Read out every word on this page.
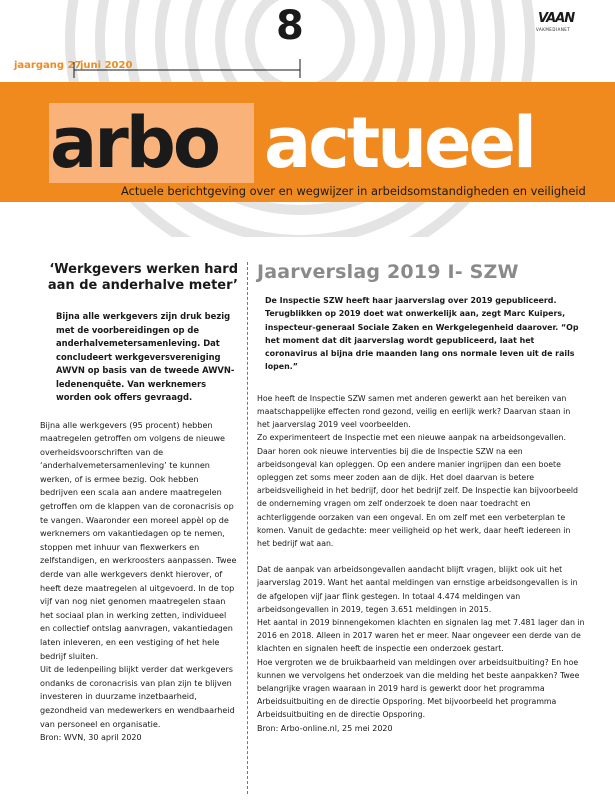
8
jaargang 27
juni 2020
VAAN
VAKMEDIANET
arbo actueel
Actuele berichtgeving over en wegwijzer in arbeidsomstandigheden en veiligheid
‘Werkgevers werken hard aan de anderhalve meter’

Bijna alle werkgevers zijn druk bezig met de voorbereidingen op de anderhalvemetersamenleving. Dat concludeert werkgeversvereniging AWVN op basis van de tweede AWVN-ledenenquête. Van werknemers worden ook offers gevraagd.

Bijna alle werkgevers (95 procent) hebben maatregelen getroffen om volgens de nieuwe overheidsvoorschriften van de ‘anderhalvemetersamenleving’ te kunnen werken, of is ermee bezig. Ook hebben bedrijven een scala aan andere maatregelen getroffen om de klappen van de coronacrisis op te vangen. Waaronder een moreel appèl op de werknemers om vakantiedagen op te nemen, stoppen met inhuur van flexwerkers en zelfstandigen, en werkroosters aanpassen. Twee derde van alle werkgevers denkt hierover, of heeft deze maatregelen al uitgevoerd. In de top vijf van nog niet genomen maatregelen staan het sociaal plan in werking zetten, individueel en collectief ontslag aanvragen, vakantiedagen laten inleveren, en een vestiging of het hele bedrijf sluiten.

Uit de ledenpeiling blijkt verder dat werkgevers ondanks de coronacrisis van plan zijn te blijven investeren in duurzame inzetbaarheid, gezondheid van medewerkers en wendbaarheid van personeel en organisatie.

Bron: WVN, 30 april 2020

Jaarverslag 2019 I- SZW

De Inspectie SZW heeft haar jaarverslag over 2019 gepubliceerd. Terugblikken op 2019 doet wat onwerkelijk aan, zegt Marc Kuipers, inspecteur-generaal Sociale Zaken en Werkgelegenheid daarover. “Op het moment dat dit jaarverslag wordt gepubliceerd, laat het coronavirus al bijna drie maanden lang ons normale leven uit de rails lopen.”

Hoe heeft de Inspectie SZW samen met anderen gewerkt aan het bereiken van maatschappelijke effecten rond gezond, veilig en eerlijk werk? Daarvan staan in het jaarverslag 2019 veel voorbeelden.

Zo experimenteert de Inspectie met een nieuwe aanpak na arbeidsongevallen. Daar horen ook nieuwe interventies bij die de Inspectie SZW na een arbeidsongeval kan opleggen. Op een andere manier ingrijpen dan een boete opleggen zet soms meer zoden aan de dijk. Het doel daarvan is betere arbeidsveiligheid in het bedrijf, door het bedrijf zelf. De Inspectie kan bijvoorbeeld de onderneming vragen om zelf onderzoek te doen naar toedracht en achterliggende oorzaken van een ongeval. En om zelf met een verbeterplan te komen. Vanuit de gedachte: meer veiligheid op het werk, daar heeft iedereen in het bedrijf wat aan.

Dat de aanpak van arbeidsongevallen aandacht blijft vragen, blijkt ook uit het jaarverslag 2019. Want het aantal meldingen van ernstige arbeidsongevallen is in de afgelopen vijf jaar flink gestegen. In totaal 4.474 meldingen van arbeidsongevallen in 2019, tegen 3.651 meldingen in 2015.

Het aantal in 2019 binnengekomen klachten en signalen lag met 7.481 lager dan in 2016 en 2018. Alleen in 2017 waren het er meer. Naar ongeveer een derde van de klachten en signalen heeft de inspectie een onderzoek gestart.

Hoe vergroten we de bruikbaarheid van meldingen over arbeidsuitbuiting? En hoe kunnen we vervolgens het onderzoek van die melding het beste aanpakken? Twee belangrijke vragen waaraan in 2019 hard is gewerkt door het programma Arbeidsuitbuiting en de directie Opsporing. Met bijvoorbeeld het programma Arbeidsuitbuiting en de directie Opsporing.

Bron: Arbo-online.nl, 25 mei 2020
